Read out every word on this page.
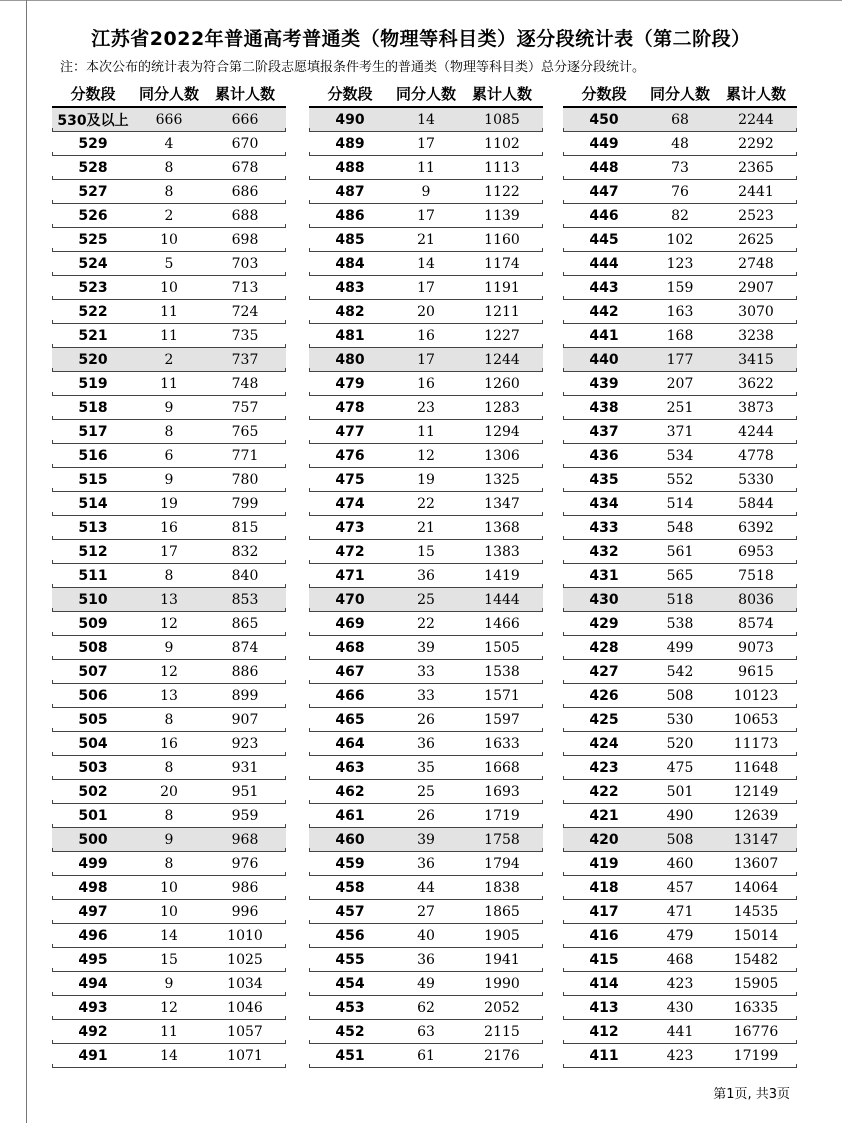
江苏省2022年普通高考普通类（物理等科目类）逐分段统计表（第二阶段）
注：本次公布的统计表为符合第二阶段志愿填报条件考生的普通类（物理等科目类）总分逐分段统计。
分数段	同分人数	累计人数
530及以上	666	666
529	4	670
528	8	678
527	8	686
526	2	688
525	10	698
524	5	703
523	10	713
522	11	724
521	11	735
520	2	737
519	11	748
518	9	757
517	8	765
516	6	771
515	9	780
514	19	799
513	16	815
512	17	832
511	8	840
510	13	853
509	12	865
508	9	874
507	12	886
506	13	899
505	8	907
504	16	923
503	8	931
502	20	951
501	8	959
500	9	968
499	8	976
498	10	986
497	10	996
496	14	1010
495	15	1025
494	9	1034
493	12	1046
492	11	1057
491	14	1071
分数段	同分人数	累计人数
490	14	1085
489	17	1102
488	11	1113
487	9	1122
486	17	1139
485	21	1160
484	14	1174
483	17	1191
482	20	1211
481	16	1227
480	17	1244
479	16	1260
478	23	1283
477	11	1294
476	12	1306
475	19	1325
474	22	1347
473	21	1368
472	15	1383
471	36	1419
470	25	1444
469	22	1466
468	39	1505
467	33	1538
466	33	1571
465	26	1597
464	36	1633
463	35	1668
462	25	1693
461	26	1719
460	39	1758
459	36	1794
458	44	1838
457	27	1865
456	40	1905
455	36	1941
454	49	1990
453	62	2052
452	63	2115
451	61	2176
分数段	同分人数	累计人数
450	68	2244
449	48	2292
448	73	2365
447	76	2441
446	82	2523
445	102	2625
444	123	2748
443	159	2907
442	163	3070
441	168	3238
440	177	3415
439	207	3622
438	251	3873
437	371	4244
436	534	4778
435	552	5330
434	514	5844
433	548	6392
432	561	6953
431	565	7518
430	518	8036
429	538	8574
428	499	9073
427	542	9615
426	508	10123
425	530	10653
424	520	11173
423	475	11648
422	501	12149
421	490	12639
420	508	13147
419	460	13607
418	457	14064
417	471	14535
416	479	15014
415	468	15482
414	423	15905
413	430	16335
412	441	16776
411	423	17199
第1页, 共3页
